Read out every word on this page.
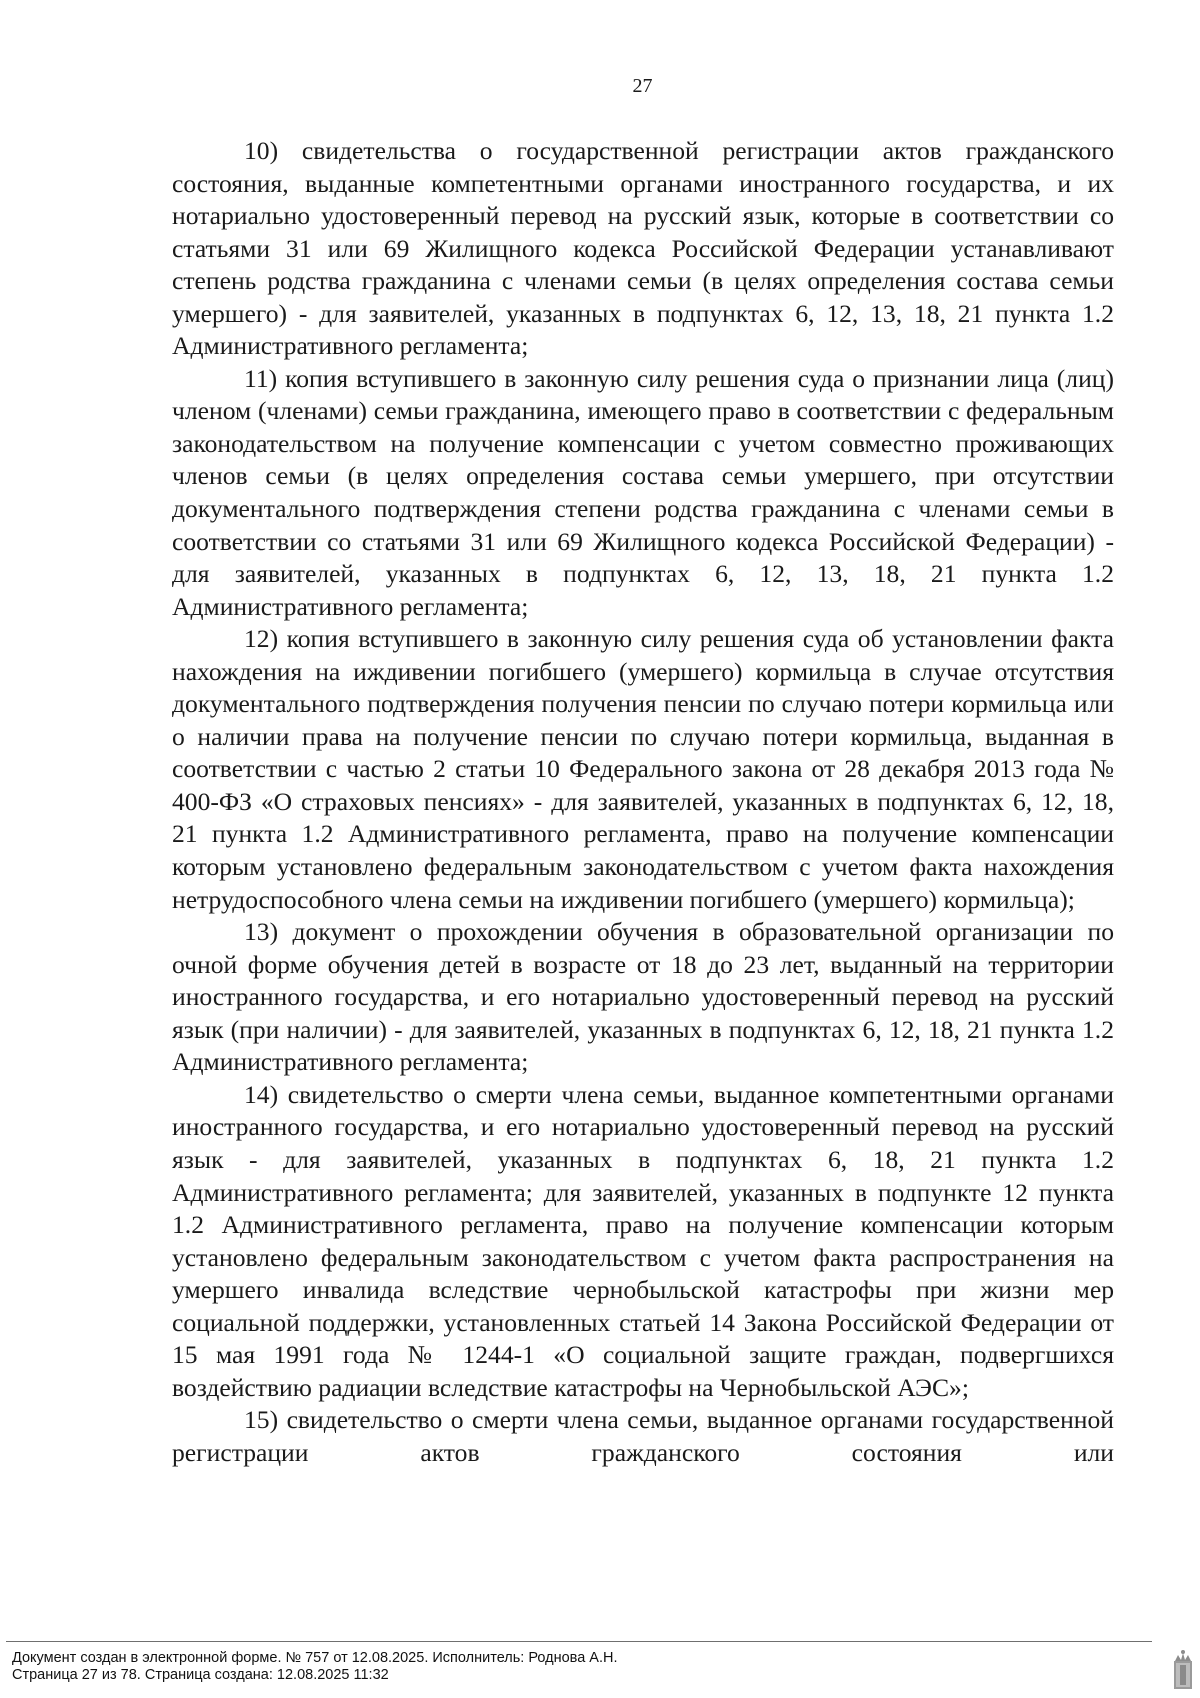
27

10) свидетельства о государственной регистрации актов гражданского состояния, выданные компетентными органами иностранного государства, и их нотариально удостоверенный перевод на русский язык, которые в соответствии со статьями 31 или 69 Жилищного кодекса Российской Федерации устанавливают степень родства гражданина с членами семьи (в целях определения состава семьи умершего) - для заявителей, указанных в подпунктах 6, 12, 13, 18, 21 пункта 1.2 Административного регламента;

11) копия вступившего в законную силу решения суда о признании лица (лиц) членом (членами) семьи гражданина, имеющего право в соответствии с федеральным законодательством на получение компенсации с учетом совместно проживающих членов семьи (в целях определения состава семьи умершего, при отсутствии документального подтверждения степени родства гражданина с членами семьи в соответствии со статьями 31 или 69 Жилищного кодекса Российской Федерации) - для заявителей, указанных в подпунктах 6, 12, 13, 18, 21 пункта 1.2 Административного регламента;

12) копия вступившего в законную силу решения суда об установлении факта нахождения на иждивении погибшего (умершего) кормильца в случае отсутствия документального подтверждения получения пенсии по случаю потери кормильца или о наличии права на получение пенсии по случаю потери кормильца, выданная в соответствии с частью 2 статьи 10 Федерального закона от 28 декабря 2013 года № 400-ФЗ «О страховых пенсиях» - для заявителей, указанных в подпунктах 6, 12, 18, 21 пункта 1.2 Административного регламента, право на получение компенсации которым установлено федеральным законодательством с учетом факта нахождения нетрудоспособного члена семьи на иждивении погибшего (умершего) кормильца);

13) документ о прохождении обучения в образовательной организации по очной форме обучения детей в возрасте от 18 до 23 лет, выданный на территории иностранного государства, и его нотариально удостоверенный перевод на русский язык (при наличии) - для заявителей, указанных в подпунктах 6, 12, 18, 21 пункта 1.2 Административного регламента;

14) свидетельство о смерти члена семьи, выданное компетентными органами иностранного государства, и его нотариально удостоверенный перевод на русский язык - для заявителей, указанных в подпунктах 6, 18, 21 пункта 1.2 Административного регламента; для заявителей, указанных в подпункте 12 пункта 1.2 Административного регламента, право на получение компенсации которым установлено федеральным законодательством с учетом факта распространения на умершего инвалида вследствие чернобыльской катастрофы при жизни мер социальной поддержки, установленных статьей 14 Закона Российской Федерации от 15 мая 1991 года № 1244-1 «О социальной защите граждан, подвергшихся воздействию радиации вследствие катастрофы на Чернобыльской АЭС»;

15) свидетельство о смерти члена семьи, выданное органами государственной регистрации актов гражданского состояния или

Документ создан в электронной форме. № 757 от 12.08.2025. Исполнитель: Роднова А.Н.
Страница 27 из 78. Страница создана: 12.08.2025 11:32
